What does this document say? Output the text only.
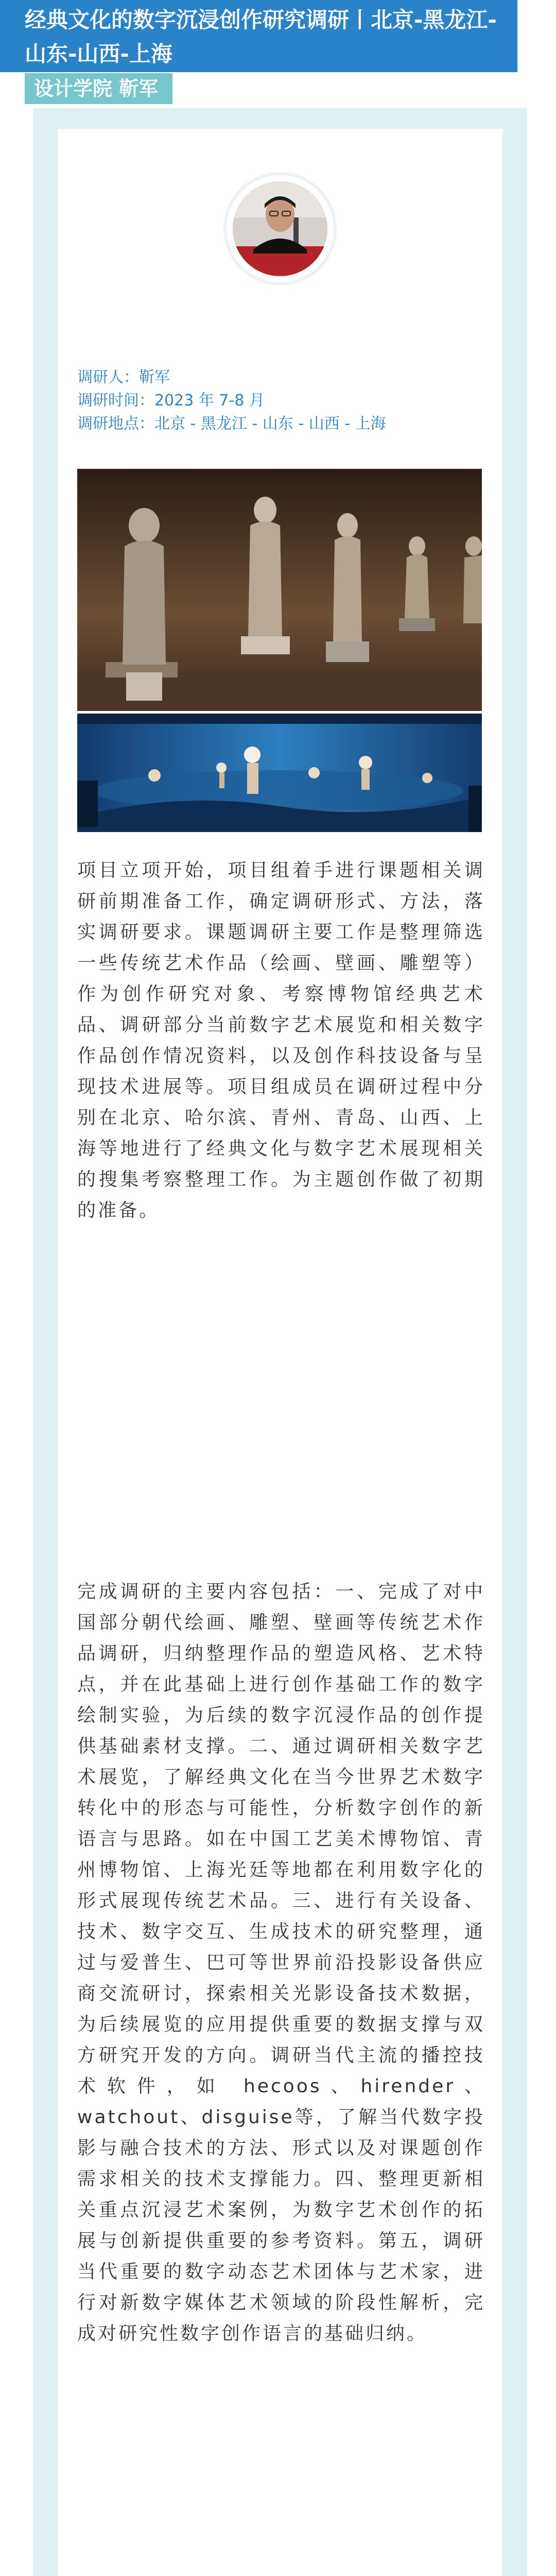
经典文化的数字沉浸创作研究调研丨北京-黑龙江-山东-山西-上海
设计学院 靳军
调研人：靳军
调研时间：2023 年 7-8 月
调研地点：北京 - 黑龙江 - 山东 - 山西 - 上海

项目立项开始，项目组着手进行课题相关调研前期准备工作，确定调研形式、方法，落实调研要求。课题调研主要工作是整理筛选一些传统艺术作品（绘画、壁画、雕塑等）作为创作研究对象、考察博物馆经典艺术品、调研部分当前数字艺术展览和相关数字作品创作情况资料，以及创作科技设备与呈现技术进展等。项目组成员在调研过程中分别在北京、哈尔滨、青州、青岛、山西、上海等地进行了经典文化与数字艺术展现相关的搜集考察整理工作。为主题创作做了初期的准备。

完成调研的主要内容包括：一、完成了对中国部分朝代绘画、雕塑、壁画等传统艺术作品调研，归纳整理作品的塑造风格、艺术特点，并在此基础上进行创作基础工作的数字绘制实验，为后续的数字沉浸作品的创作提供基础素材支撑。二、通过调研相关数字艺术展览，了解经典文化在当今世界艺术数字转化中的形态与可能性，分析数字创作的新语言与思路。如在中国工艺美术博物馆、青州博物馆、上海光廷等地都在利用数字化的形式展现传统艺术品。三、进行有关设备、技术、数字交互、生成技术的研究整理，通过与爱普生、巴可等世界前沿投影设备供应商交流研讨，探索相关光影设备技术数据，为后续展览的应用提供重要的数据支撑与双方研究开发的方向。调研当代主流的播控技术软件，如 hecoos、hirender、watchout、disguise等，了解当代数字投影与融合技术的方法、形式以及对课题创作需求相关的技术支撑能力。四、整理更新相关重点沉浸艺术案例，为数字艺术创作的拓展与创新提供重要的参考资料。第五，调研当代重要的数字动态艺术团体与艺术家，进行对新数字媒体艺术领域的阶段性解析，完成对研究性数字创作语言的基础归纳。
